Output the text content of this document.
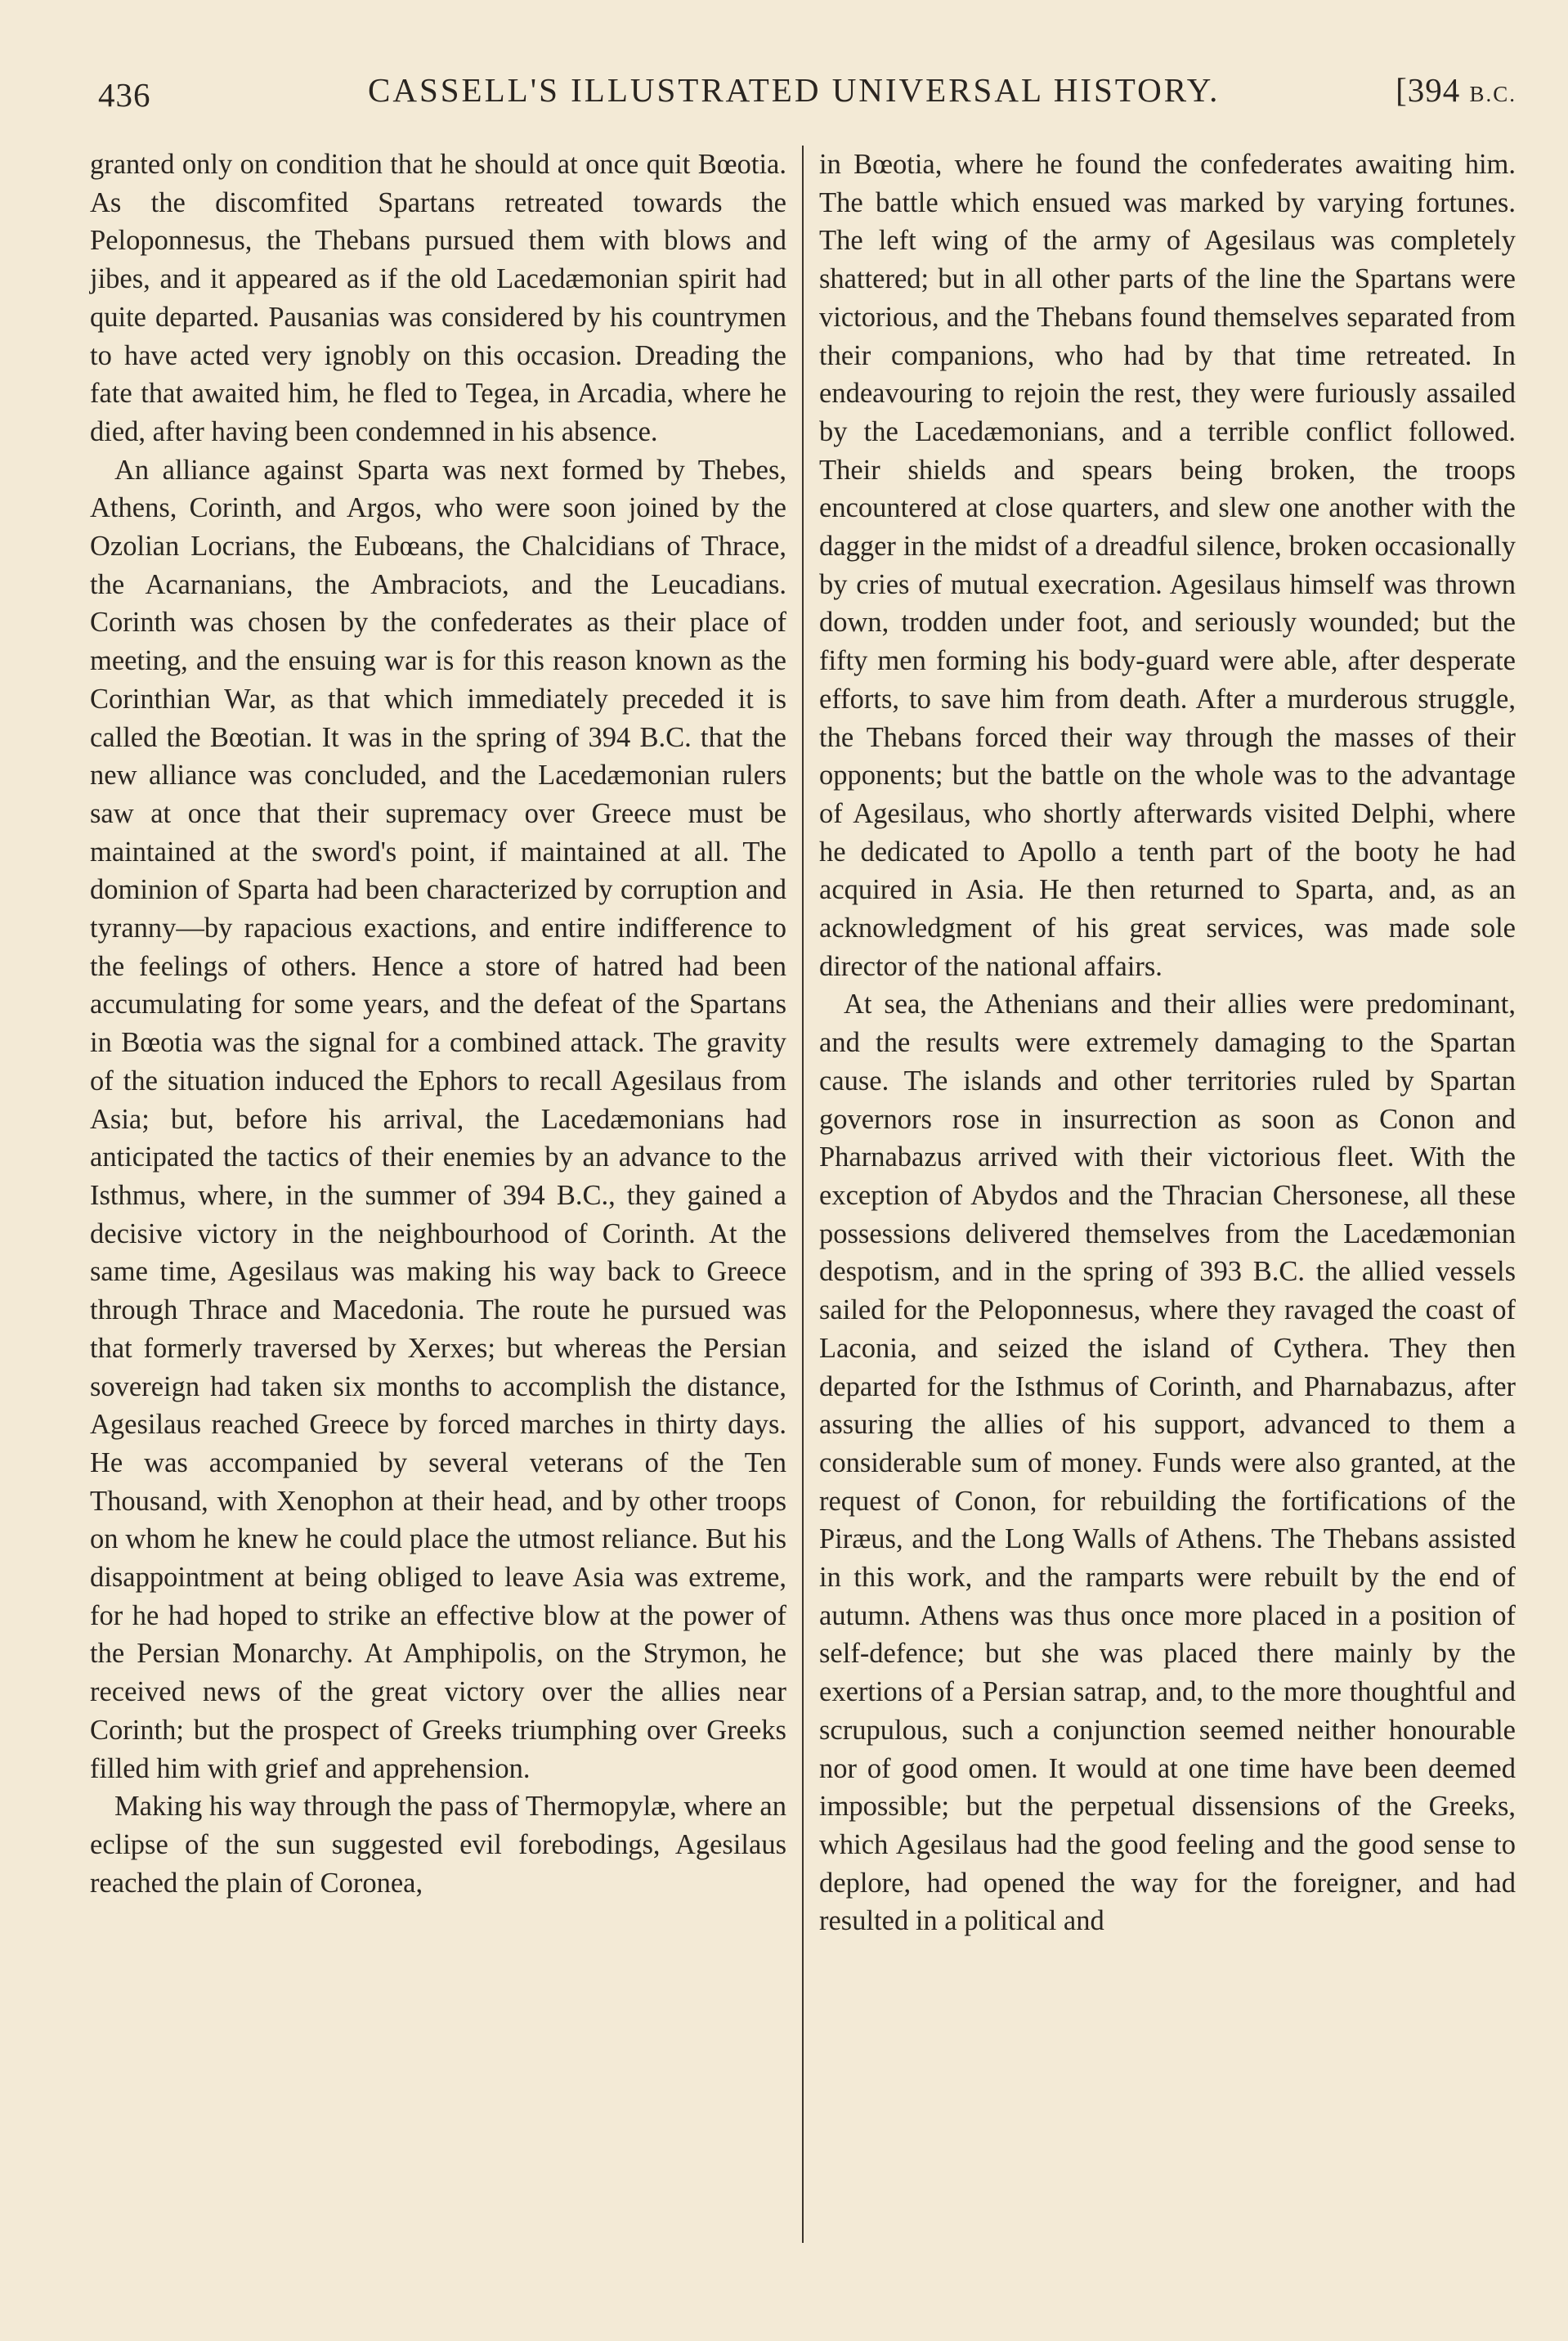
436	CASSELL'S ILLUSTRATED UNIVERSAL HISTORY.	[394 B.C.

granted only on condition that he should at once quit Bœotia. As the discomfited Spartans retreated towards the Peloponnesus, the Thebans pursued them with blows and jibes, and it appeared as if the old Lacedæmonian spirit had quite departed. Pausanias was considered by his countrymen to have acted very ignobly on this occasion. Dreading the fate that awaited him, he fled to Tegea, in Arcadia, where he died, after having been condemned in his absence.

An alliance against Sparta was next formed by Thebes, Athens, Corinth, and Argos, who were soon joined by the Ozolian Locrians, the Eubœans, the Chalcidians of Thrace, the Acarnanians, the Ambraciots, and the Leucadians. Corinth was chosen by the confederates as their place of meeting, and the ensuing war is for this reason known as the Corinthian War, as that which immediately preceded it is called the Bœotian. It was in the spring of 394 B.C. that the new alliance was concluded, and the Lacedæmonian rulers saw at once that their supremacy over Greece must be maintained at the sword's point, if maintained at all. The dominion of Sparta had been characterized by corruption and tyranny—by rapacious exactions, and entire indifference to the feelings of others. Hence a store of hatred had been accumulating for some years, and the defeat of the Spartans in Bœotia was the signal for a combined attack. The gravity of the situation induced the Ephors to recall Agesilaus from Asia; but, before his arrival, the Lacedæmonians had anticipated the tactics of their enemies by an advance to the Isthmus, where, in the summer of 394 B.C., they gained a decisive victory in the neighbourhood of Corinth. At the same time, Agesilaus was making his way back to Greece through Thrace and Macedonia. The route he pursued was that formerly traversed by Xerxes; but whereas the Persian sovereign had taken six months to accomplish the distance, Agesilaus reached Greece by forced marches in thirty days. He was accompanied by several veterans of the Ten Thousand, with Xenophon at their head, and by other troops on whom he knew he could place the utmost reliance. But his disappointment at being obliged to leave Asia was extreme, for he had hoped to strike an effective blow at the power of the Persian Monarchy. At Amphipolis, on the Strymon, he received news of the great victory over the allies near Corinth; but the prospect of Greeks triumphing over Greeks filled him with grief and apprehension.

Making his way through the pass of Thermopylæ, where an eclipse of the sun suggested evil forebodings, Agesilaus reached the plain of Coronea,

in Bœotia, where he found the confederates awaiting him. The battle which ensued was marked by varying fortunes. The left wing of the army of Agesilaus was completely shattered; but in all other parts of the line the Spartans were victorious, and the Thebans found themselves separated from their companions, who had by that time retreated. In endeavouring to rejoin the rest, they were furiously assailed by the Lacedæmonians, and a terrible conflict followed. Their shields and spears being broken, the troops encountered at close quarters, and slew one another with the dagger in the midst of a dreadful silence, broken occasionally by cries of mutual execration. Agesilaus himself was thrown down, trodden under foot, and seriously wounded; but the fifty men forming his body-guard were able, after desperate efforts, to save him from death. After a murderous struggle, the Thebans forced their way through the masses of their opponents; but the battle on the whole was to the advantage of Agesilaus, who shortly afterwards visited Delphi, where he dedicated to Apollo a tenth part of the booty he had acquired in Asia. He then returned to Sparta, and, as an acknowledgment of his great services, was made sole director of the national affairs.

At sea, the Athenians and their allies were predominant, and the results were extremely damaging to the Spartan cause. The islands and other territories ruled by Spartan governors rose in insurrection as soon as Conon and Pharnabazus arrived with their victorious fleet. With the exception of Abydos and the Thracian Chersonese, all these possessions delivered themselves from the Lacedæmonian despotism, and in the spring of 393 B.C. the allied vessels sailed for the Peloponnesus, where they ravaged the coast of Laconia, and seized the island of Cythera. They then departed for the Isthmus of Corinth, and Pharnabazus, after assuring the allies of his support, advanced to them a considerable sum of money. Funds were also granted, at the request of Conon, for rebuilding the fortifications of the Piræus, and the Long Walls of Athens. The Thebans assisted in this work, and the ramparts were rebuilt by the end of autumn. Athens was thus once more placed in a position of self-defence; but she was placed there mainly by the exertions of a Persian satrap, and, to the more thoughtful and scrupulous, such a conjunction seemed neither honourable nor of good omen. It would at one time have been deemed impossible; but the perpetual dissensions of the Greeks, which Agesilaus had the good feeling and the good sense to deplore, had opened the way for the foreigner, and had resulted in a political and
